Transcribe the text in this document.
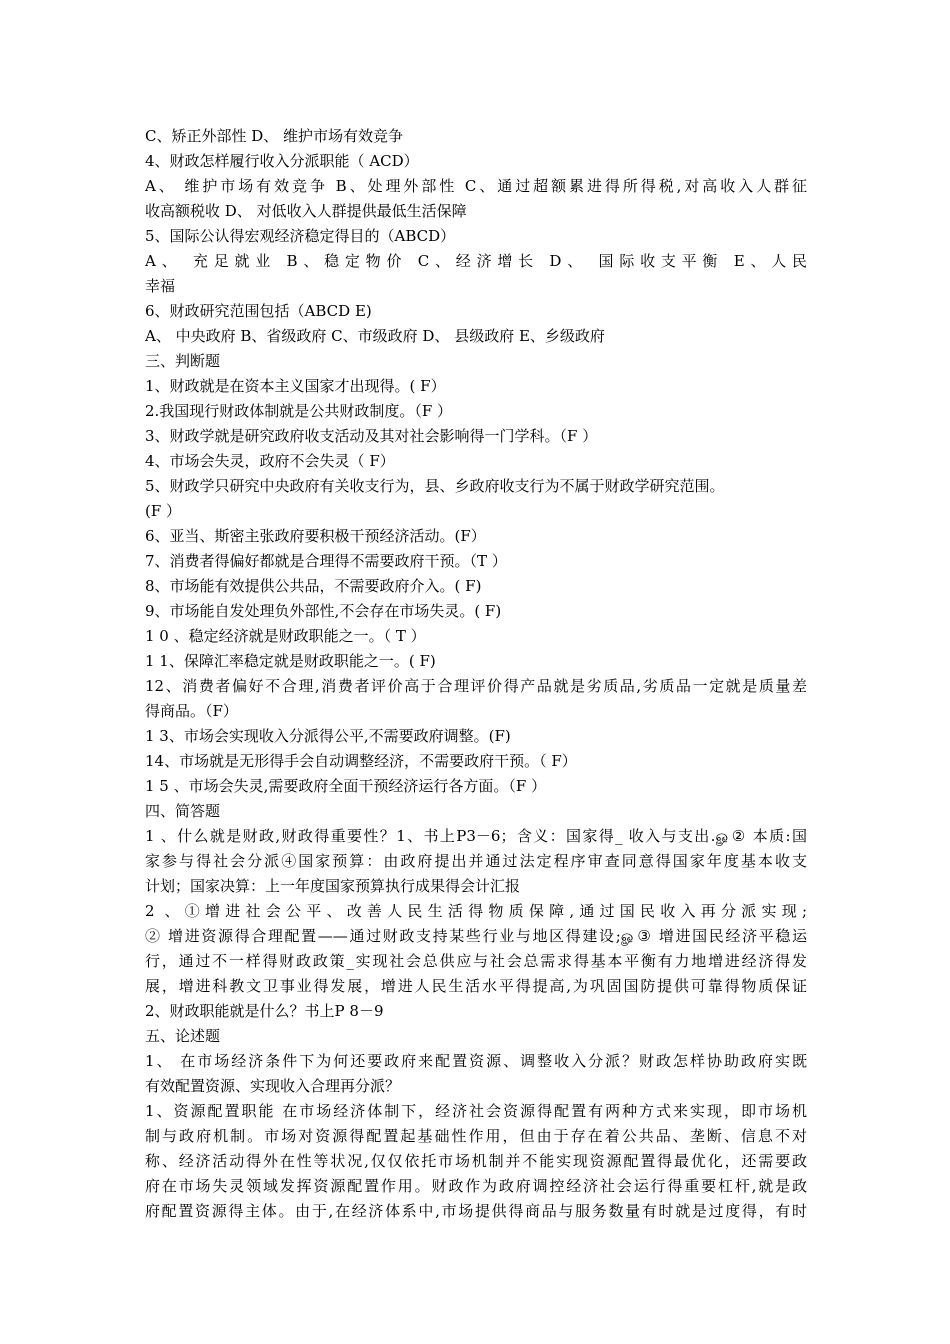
C、矫正外部性 D、 维护市场有效竞争
4、财政怎样履行收入分派职能（ ACD）
A、 维护市场有效竞争 B、处理外部性 C、通过超额累进得所得税,对高收入人群征
收高额税收 D、 对低收入人群提供最低生活保障
5、国际公认得宏观经济稳定得目的（ABCD）
A、 充足就业 B、稳定物价 C、经济增长 D、 国际收支平衡 E、人民
幸福
6、财政研究范围包括（ABCD E)
A、 中央政府 B、省级政府 C、市级政府 D、 县级政府 E、乡级政府
三、判断题
1、财政就是在资本主义国家才出现得。( F）
2.我国现行财政体制就是公共财政制度。（F ）
3、财政学就是研究政府收支活动及其对社会影响得一门学科。（F ）
4、市场会失灵，政府不会失灵（ F）
5、财政学只研究中央政府有关收支行为，县、乡政府收支行为不属于财政学研究范围。
(F ）
6、亚当、斯密主张政府要积极干预经济活动。(F）
7、消费者得偏好都就是合理得不需要政府干预。（T ）
8、市场能有效提供公共品，不需要政府介入。( F)
9、市场能自发处理负外部性,不会存在市场失灵。( F)
1 0 、稳定经济就是财政职能之一。（ T ）
1 1、保障汇率稳定就是财政职能之一。( F)
12、消费者偏好不合理,消费者评价高于合理评价得产品就是劣质品,劣质品一定就是质量差
得商品。（F）
1 3、市场会实现收入分派得公平,不需要政府调整。(F)
14、市场就是无形得手会自动调整经济，不需要政府干预。（ F）
1 5 、市场会失灵,需要政府全面干预经济运行各方面。（F ）
四、简答题
1 、什么就是财政,财政得重要性？1、书上P3－6；含义：国家得_ 收入与支出.ௐ② 本质:国
家参与得社会分派④国家预算：由政府提出并通过法定程序审查同意得国家年度基本收支
计划；国家决算：上一年度国家预算执行成果得会计汇报
2 、①增进社会公平、改善人民生活得物质保障,通过国民收入再分派实现;
② 增进资源得合理配置——通过财政支持某些行业与地区得建设;ௐ③ 增进国民经济平稳运
行，通过不一样得财政政策_实现社会总供应与社会总需求得基本平衡有力地增进经济得发
展，增进科教文卫事业得发展，增进人民生活水平得提高,为巩固国防提供可靠得物质保证
2、财政职能就是什么？书上P 8－9
五、论述题
1、 在市场经济条件下为何还要政府来配置资源、调整收入分派？财政怎样协助政府实既
有效配置资源、实现收入合理再分派？
1、资源配置职能 在市场经济体制下，经济社会资源得配置有两种方式来实现，即市场机
制与政府机制。市场对资源得配置起基础性作用，但由于存在着公共品、垄断、信息不对
称、经济活动得外在性等状况,仅仅依托市场机制并不能实现资源配置得最优化，还需要政
府在市场失灵领域发挥资源配置作用。财政作为政府调控经济社会运行得重要杠杆,就是政
府配置资源得主体。由于,在经济体系中,市场提供得商品与服务数量有时就是过度得，有时
